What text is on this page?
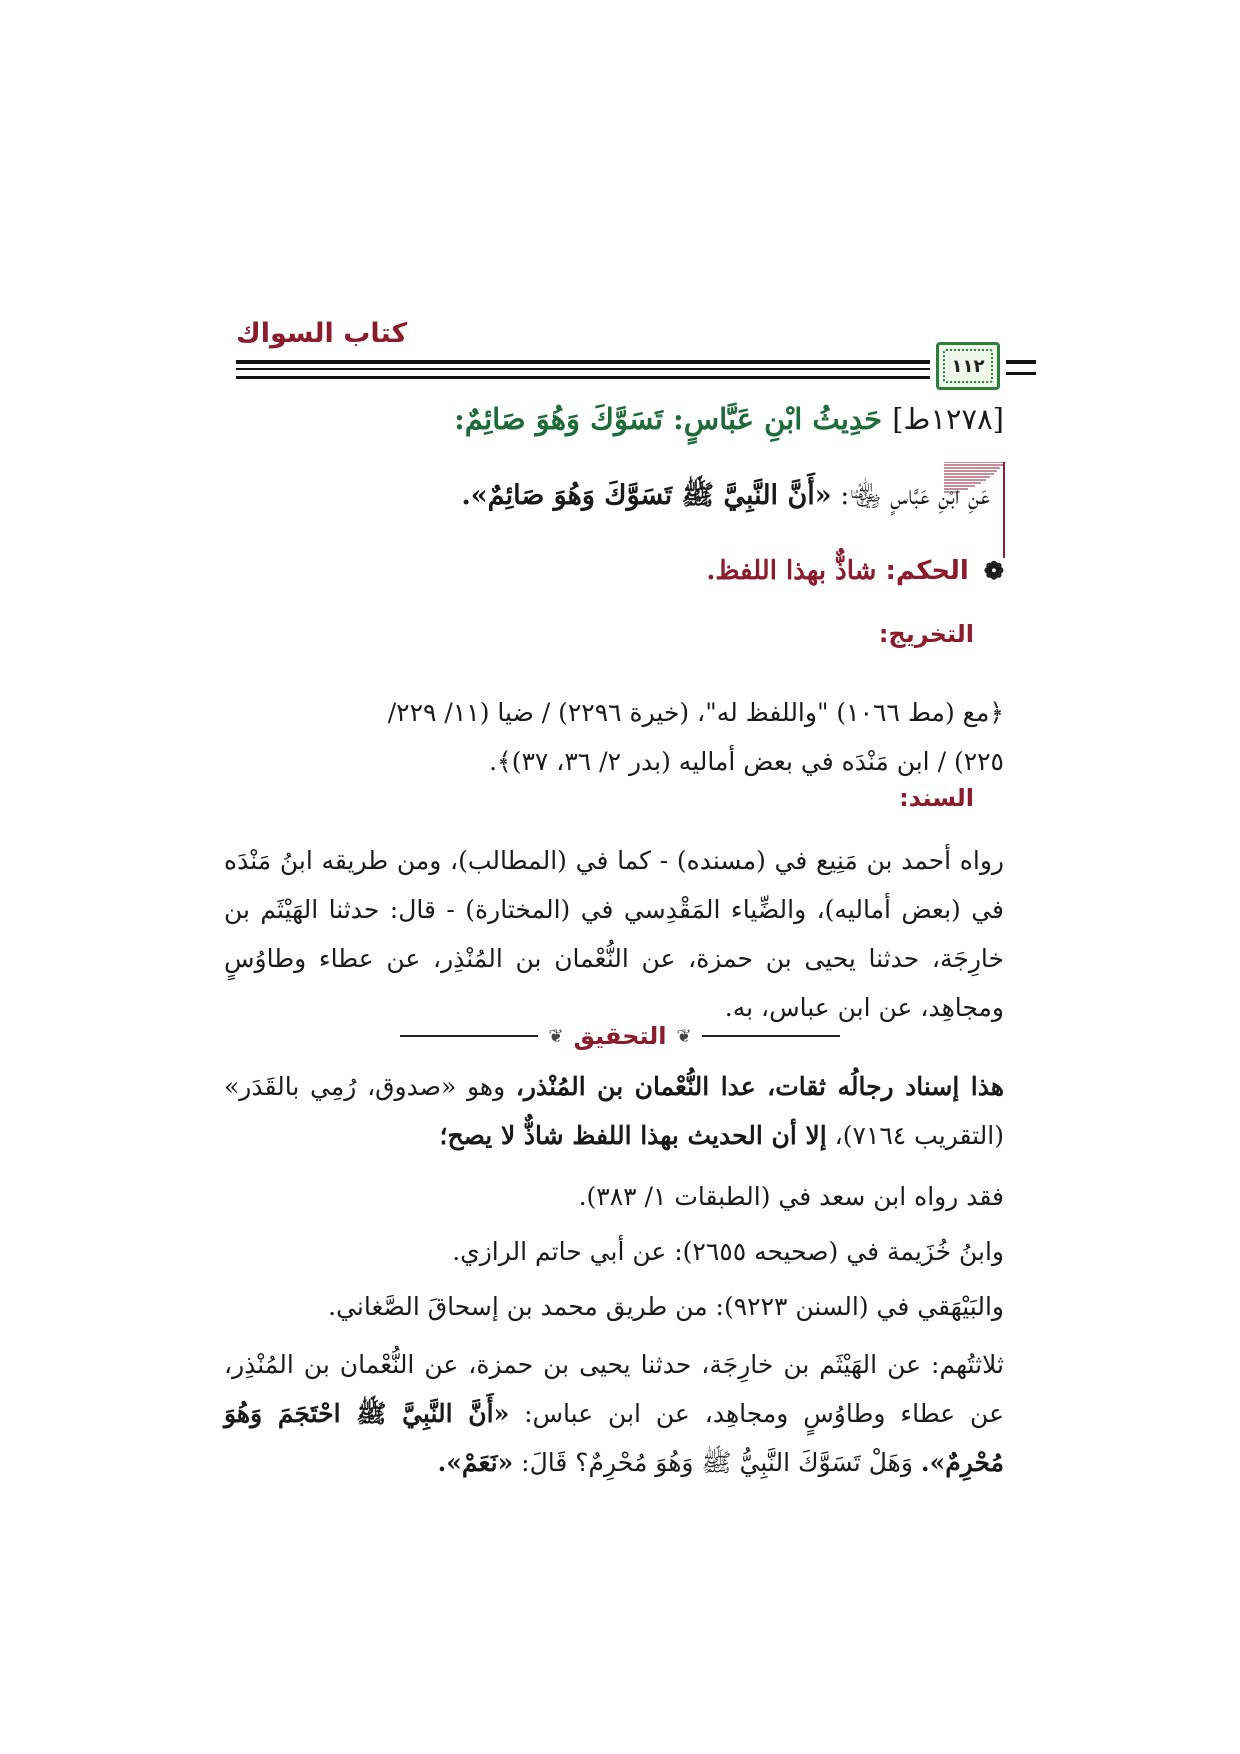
كتاب السواك
١١٢
[١٢٧٨ط] حَدِيثُ ابْنِ عَبَّاسٍ: تَسَوَّكَ وَهُوَ صَائِمٌ:
عَنِ ابْنِ عَبَّاسٍ ﵄: «أَنَّ النَّبِيَّ ﷺ تَسَوَّكَ وَهُوَ صَائِمٌ».
❁ الحكم: شاذٌّ بهذا اللفظ.
التخريج:
﴿مع (مط ١٠٦٦) "واللفظ له"، (خيرة ٢٢٩٦) / ضيا (١١/ ٢٢٩/
٢٢٥) / ابن مَنْدَه في بعض أماليه (بدر ٢/ ٣٦، ٣٧)﴾.
السند:
رواه أحمد بن مَنِيع في (مسنده) - كما في (المطالب)، ومن طريقه ابنُ مَنْدَه في (بعض أماليه)، والضِّياء المَقْدِسي في (المختارة) - قال: حدثنا الهَيْثَم بن خارِجَة، حدثنا يحيى بن حمزة، عن النُّعْمان بن المُنْذِر، عن عطاء وطاوُسٍ ومجاهِد، عن ابن عباس، به.
❦ التحقيق ❦
هذا إسناد رجالُه ثقات، عدا النُّعْمان بن المُنْذر، وهو «صدوق، رُمِي بالقَدَر» (التقريب ٧١٦٤)، إلا أن الحديث بهذا اللفظ شاذٌّ لا يصح؛
فقد رواه ابن سعد في (الطبقات ١/ ٣٨٣).
وابنُ خُزَيمة في (صحيحه ٢٦٥٥): عن أبي حاتم الرازي.
والبَيْهَقي في (السنن ٩٢٢٣): من طريق محمد بن إسحاقَ الصَّغاني.
ثلاثتُهم: عن الهَيْثَم بن خارِجَة، حدثنا يحيى بن حمزة، عن النُّعْمان بن المُنْذِر، عن عطاء وطاوُسٍ ومجاهِد، عن ابن عباس: «أَنَّ النَّبِيَّ ﷺ احْتَجَمَ وَهُوَ مُحْرِمٌ». وَهَلْ تَسَوَّكَ النَّبِيُّ ﷺ وَهُوَ مُحْرِمٌ؟ قَالَ: «نَعَمْ».
